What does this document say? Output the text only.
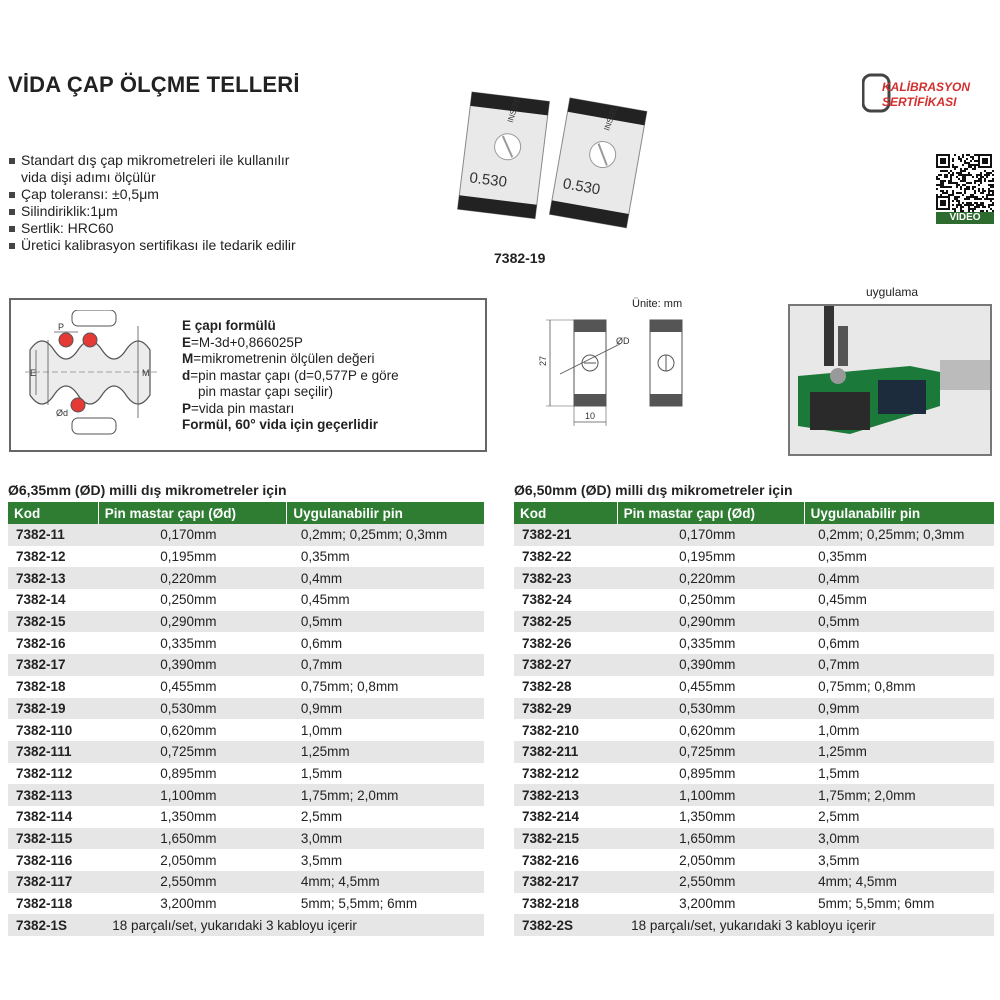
VİDA ÇAP ÖLÇME TELLERİ
Standart dış çap mikrometreleri ile kullanılır
vida dişi adımı ölçülür
Çap toleransı: ±0,5μm
Silindiriklik:1μm
Sertlik: HRC60
Üretici kalibrasyon sertifikası ile tedarik edilir
INSIZE
0.530
INSIZE
0.530
7382-19
KALİBRASYON
SERTİFİKASI
VIDEO
P
E	M
Ød
E çapı formülü
E=M-3d+0,866025P
M=mikrometrenin ölçülen değeri
d=pin mastar çapı (d=0,577P e göre
pin mastar çapı seçilir)
P=vida pin mastarı
Formül, 60° vida için geçerlidir
Ünite: mm
ØD
27
10
uygulama
Ø6,35mm (ØD) milli dış mikrometreler için
Kod	Pin mastar çapı (Ød)	Uygulanabilir pin
7382-11	0,170mm	0,2mm; 0,25mm; 0,3mm
7382-12	0,195mm	0,35mm
7382-13	0,220mm	0,4mm
7382-14	0,250mm	0,45mm
7382-15	0,290mm	0,5mm
7382-16	0,335mm	0,6mm
7382-17	0,390mm	0,7mm
7382-18	0,455mm	0,75mm; 0,8mm
7382-19	0,530mm	0,9mm
7382-110	0,620mm	1,0mm
7382-111	0,725mm	1,25mm
7382-112	0,895mm	1,5mm
7382-113	1,100mm	1,75mm; 2,0mm
7382-114	1,350mm	2,5mm
7382-115	1,650mm	3,0mm
7382-116	2,050mm	3,5mm
7382-117	2,550mm	4mm; 4,5mm
7382-118	3,200mm	5mm; 5,5mm; 6mm
7382-1S	18 parçalı/set, yukarıdaki 3 kabloyu içerir	
Ø6,50mm (ØD) milli dış mikrometreler için
Kod	Pin mastar çapı (Ød)	Uygulanabilir pin
7382-21	0,170mm	0,2mm; 0,25mm; 0,3mm
7382-22	0,195mm	0,35mm
7382-23	0,220mm	0,4mm
7382-24	0,250mm	0,45mm
7382-25	0,290mm	0,5mm
7382-26	0,335mm	0,6mm
7382-27	0,390mm	0,7mm
7382-28	0,455mm	0,75mm; 0,8mm
7382-29	0,530mm	0,9mm
7382-210	0,620mm	1,0mm
7382-211	0,725mm	1,25mm
7382-212	0,895mm	1,5mm
7382-213	1,100mm	1,75mm; 2,0mm
7382-214	1,350mm	2,5mm
7382-215	1,650mm	3,0mm
7382-216	2,050mm	3,5mm
7382-217	2,550mm	4mm; 4,5mm
7382-218	3,200mm	5mm; 5,5mm; 6mm
7382-2S	18 parçalı/set, yukarıdaki 3 kabloyu içerir	
